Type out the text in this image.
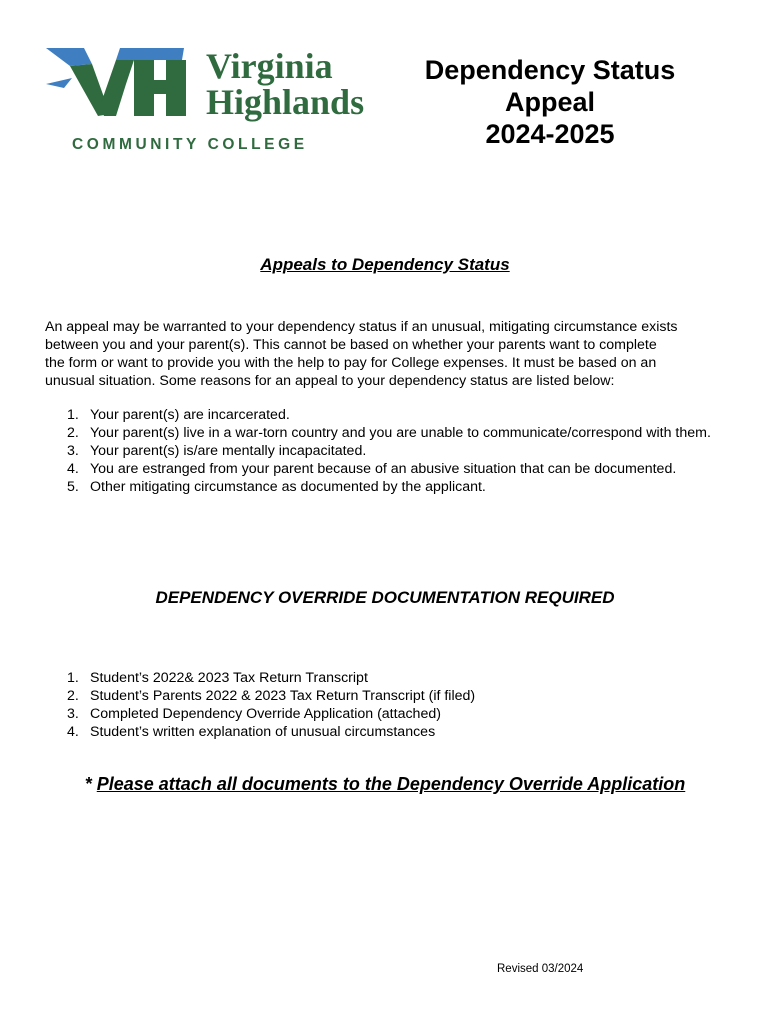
Virginia
Highlands
COMMUNITY COLLEGE
Dependency Status
Appeal
2024-2025
Appeals to Dependency Status
An appeal may be warranted to your dependency status if an unusual, mitigating circumstance exists
between you and your parent(s). This cannot be based on whether your parents want to complete
the form or want to provide you with the help to pay for College expenses. It must be based on an
unusual situation. Some reasons for an appeal to your dependency status are listed below:
1. Your parent(s) are incarcerated.
2. Your parent(s) live in a war-torn country and you are unable to communicate/correspond with them.
3. Your parent(s) is/are mentally incapacitated.
4. You are estranged from your parent because of an abusive situation that can be documented.
5. Other mitigating circumstance as documented by the applicant.
DEPENDENCY OVERRIDE DOCUMENTATION REQUIRED
1. Student’s 2022& 2023 Tax Return Transcript
2. Student’s Parents 2022 & 2023 Tax Return Transcript (if filed)
3. Completed Dependency Override Application (attached)
4. Student’s written explanation of unusual circumstances
* Please attach all documents to the Dependency Override Application
Revised 03/2024
